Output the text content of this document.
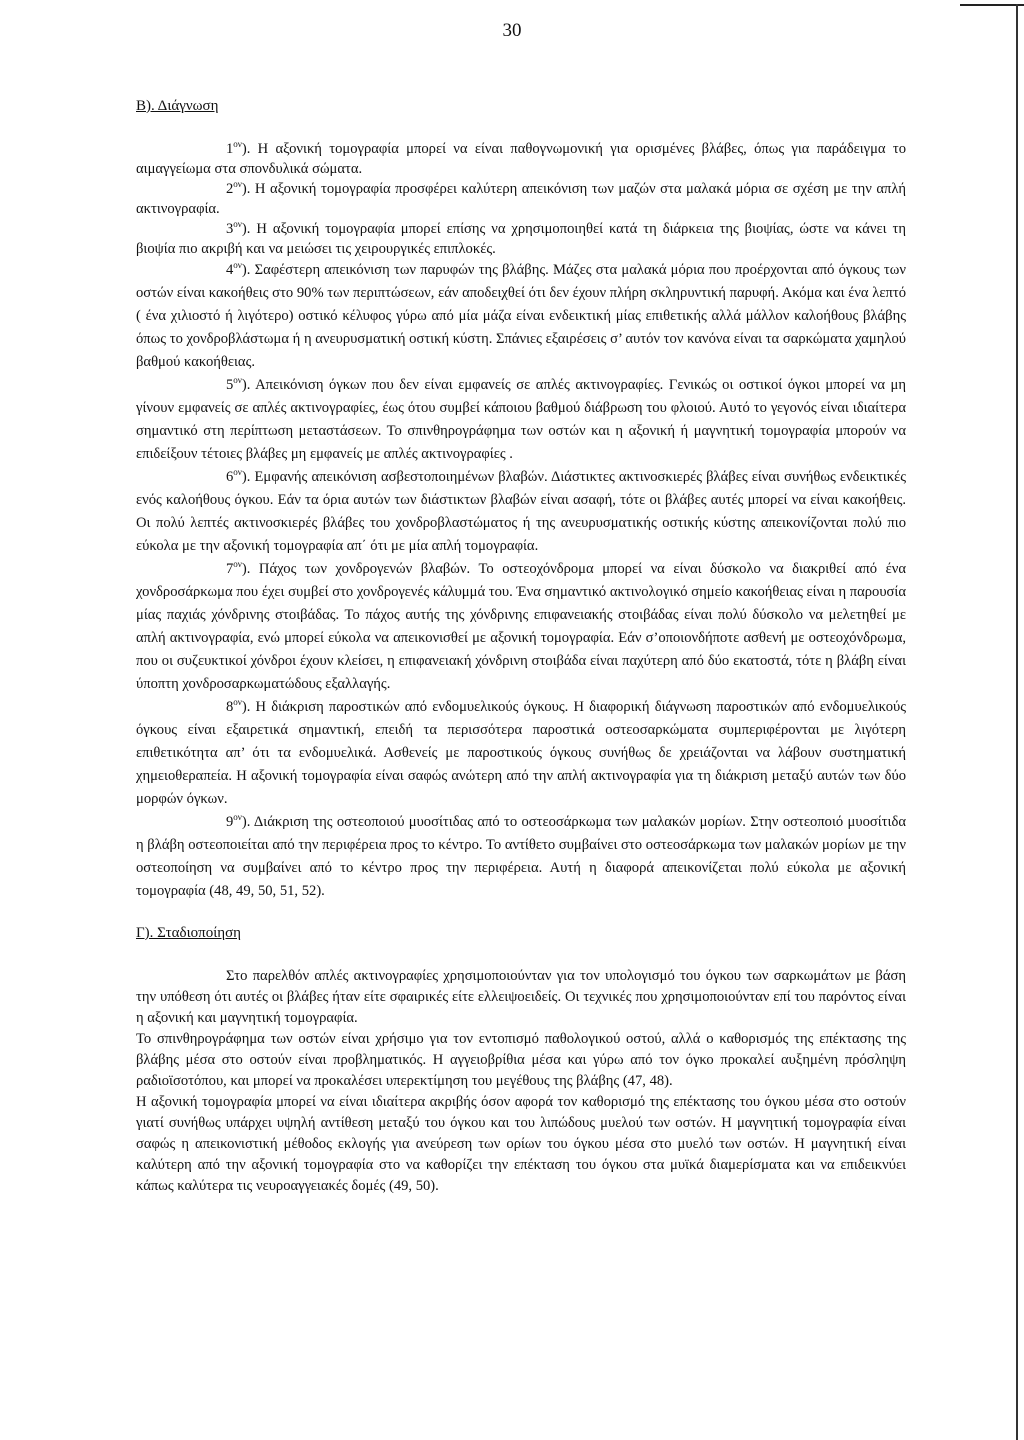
30

Β). Διάγνωση

$1^{o\nu}$). Η αξονική τομογραφία μπορεί να είναι παθογνωμονική για ορισμένες βλάβες, όπως για παράδειγμα το αιμαγγείωμα στα σπονδυλικά σώματα.

$2^{o\nu}$). Η αξονική τομογραφία προσφέρει καλύτερη απεικόνιση των μαζών στα μαλακά μόρια σε σχέση με την απλή ακτινογραφία.

$3^{o\nu}$). Η αξονική τομογραφία μπορεί επίσης να χρησιμοποιηθεί κατά τη διάρκεια της βιοψίας, ώστε να κάνει τη βιοψία πιο ακριβή και να μειώσει τις χειρουργικές επιπλοκές.

$4^{o\nu}$). Σαφέστερη απεικόνιση των παρυφών της βλάβης. Μάζες στα μαλακά μόρια που προέρχονται από όγκους των οστών είναι κακοήθεις στο 90% των περιπτώσεων, εάν αποδειχθεί ότι δεν έχουν πλήρη σκληρυντική παρυφή. Ακόμα και ένα λεπτό ( ένα χιλιοστό ή λιγότερο) οστικό κέλυφος γύρω από μία μάζα είναι ενδεικτική μίας επιθετικής αλλά μάλλον καλοήθους βλάβης όπως το χονδροβλάστωμα ή η ανευρυσματική οστική κύστη. Σπάνιες εξαιρέσεις σ’ αυτόν τον κανόνα είναι τα σαρκώματα χαμηλού βαθμού κακοήθειας.

$5^{o\nu}$). Απεικόνιση όγκων που δεν είναι εμφανείς σε απλές ακτινογραφίες. Γενικώς οι οστικοί όγκοι μπορεί να μη γίνουν εμφανείς σε απλές ακτινογραφίες, έως ότου συμβεί κάποιου βαθμού διάβρωση του φλοιού. Αυτό το γεγονός είναι ιδιαίτερα σημαντικό στη περίπτωση μεταστάσεων. Το σπινθηρογράφημα των οστών και η αξονική ή μαγνητική τομογραφία μπορούν να επιδείξουν τέτοιες βλάβες μη εμφανείς με απλές ακτινογραφίες .

$6^{o\nu}$). Εμφανής απεικόνιση ασβεστοποιημένων βλαβών. Διάστικτες ακτινοσκιερές βλάβες είναι συνήθως ενδεικτικές ενός καλοήθους όγκου. Εάν τα όρια αυτών των διάστικτων βλαβών είναι ασαφή, τότε οι βλάβες αυτές μπορεί να είναι κακοήθεις. Οι πολύ λεπτές ακτινοσκιερές βλάβες του χονδροβλαστώματος ή της ανευρυσματικής οστικής κύστης απεικονίζονται πολύ πιο εύκολα με την αξονική τομογραφία απ΄ ότι με μία απλή τομογραφία.

$7^{o\nu}$). Πάχος των χονδρογενών βλαβών. Το οστεοχόνδρομα μπορεί να είναι δύσκολο να διακριθεί από ένα χονδροσάρκωμα που έχει συμβεί στο χονδρογενές κάλυμμά του. Ένα σημαντικό ακτινολογικό σημείο κακοήθειας είναι η παρουσία μίας παχιάς χόνδρινης στοιβάδας. Το πάχος αυτής της χόνδρινης επιφανειακής στοιβάδας είναι πολύ δύσκολο να μελετηθεί με απλή ακτινογραφία, ενώ μπορεί εύκολα να απεικονισθεί με αξονική τομογραφία. Εάν σ’οποιονδήποτε ασθενή με οστεοχόνδρωμα, που οι συζευκτικοί χόνδροι έχουν κλείσει, η επιφανειακή χόνδρινη στοιβάδα είναι παχύτερη από δύο εκατοστά, τότε η βλάβη είναι ύποπτη χονδροσαρκωματώδους εξαλλαγής.

$8^{o\nu}$). Η διάκριση παροστικών από ενδομυελικούς όγκους. Η διαφορική διάγνωση παροστικών από ενδομυελικούς όγκους είναι εξαιρετικά σημαντική, επειδή τα περισσότερα παροστικά οστεοσαρκώματα συμπεριφέρονται με λιγότερη επιθετικότητα απ’ ότι τα ενδομυελικά. Ασθενείς με παροστικούς όγκους συνήθως δε χρειάζονται να λάβουν συστηματική χημειοθεραπεία. Η αξονική τομογραφία είναι σαφώς ανώτερη από την απλή ακτινογραφία για τη διάκριση μεταξύ αυτών των δύο μορφών όγκων.

$9^{o\nu}$). Διάκριση της οστεοποιού μυοσίτιδας από το οστεοσάρκωμα των μαλακών μορίων. Στην οστεοποιό μυοσίτιδα η βλάβη οστεοποιείται από την περιφέρεια προς το κέντρο. Το αντίθετο συμβαίνει στο οστεοσάρκωμα των μαλακών μορίων με την οστεοποίηση να συμβαίνει από το κέντρο προς την περιφέρεια. Αυτή η διαφορά απεικονίζεται πολύ εύκολα με αξονική τομογραφία (48, 49, 50, 51, 52).

Γ). Σταδιοποίηση

Στο παρελθόν απλές ακτινογραφίες χρησιμοποιούνταν για τον υπολογισμό του όγκου των σαρκωμάτων με βάση την υπόθεση ότι αυτές οι βλάβες ήταν είτε σφαιρικές είτε ελλειψοειδείς. Οι τεχνικές που χρησιμοποιούνταν επί του παρόντος είναι η αξονική και μαγνητική τομογραφία.

Το σπινθηρογράφημα των οστών είναι χρήσιμο για τον εντοπισμό παθολογικού οστού, αλλά ο καθορισμός της επέκτασης της βλάβης μέσα στο οστούν είναι προβληματικός. Η αγγειοβρίθια μέσα και γύρω από τον όγκο προκαλεί αυξημένη πρόσληψη ραδιοϊσοτόπου, και μπορεί να προκαλέσει υπερεκτίμηση του μεγέθους της βλάβης (47, 48).

Η αξονική τομογραφία μπορεί να είναι ιδιαίτερα ακριβής όσον αφορά τον καθορισμό της επέκτασης του όγκου μέσα στο οστούν γιατί συνήθως υπάρχει υψηλή αντίθεση μεταξύ του όγκου και του λιπώδους μυελού των οστών. Η μαγνητική τομογραφία είναι σαφώς η απεικονιστική μέθοδος εκλογής για ανεύρεση των ορίων του όγκου μέσα στο μυελό των οστών. Η μαγνητική είναι καλύτερη από την αξονική τομογραφία στο να καθορίζει την επέκταση του όγκου στα μυϊκά διαμερίσματα και να επιδεικνύει κάπως καλύτερα τις νευροαγγειακές δομές (49, 50).
